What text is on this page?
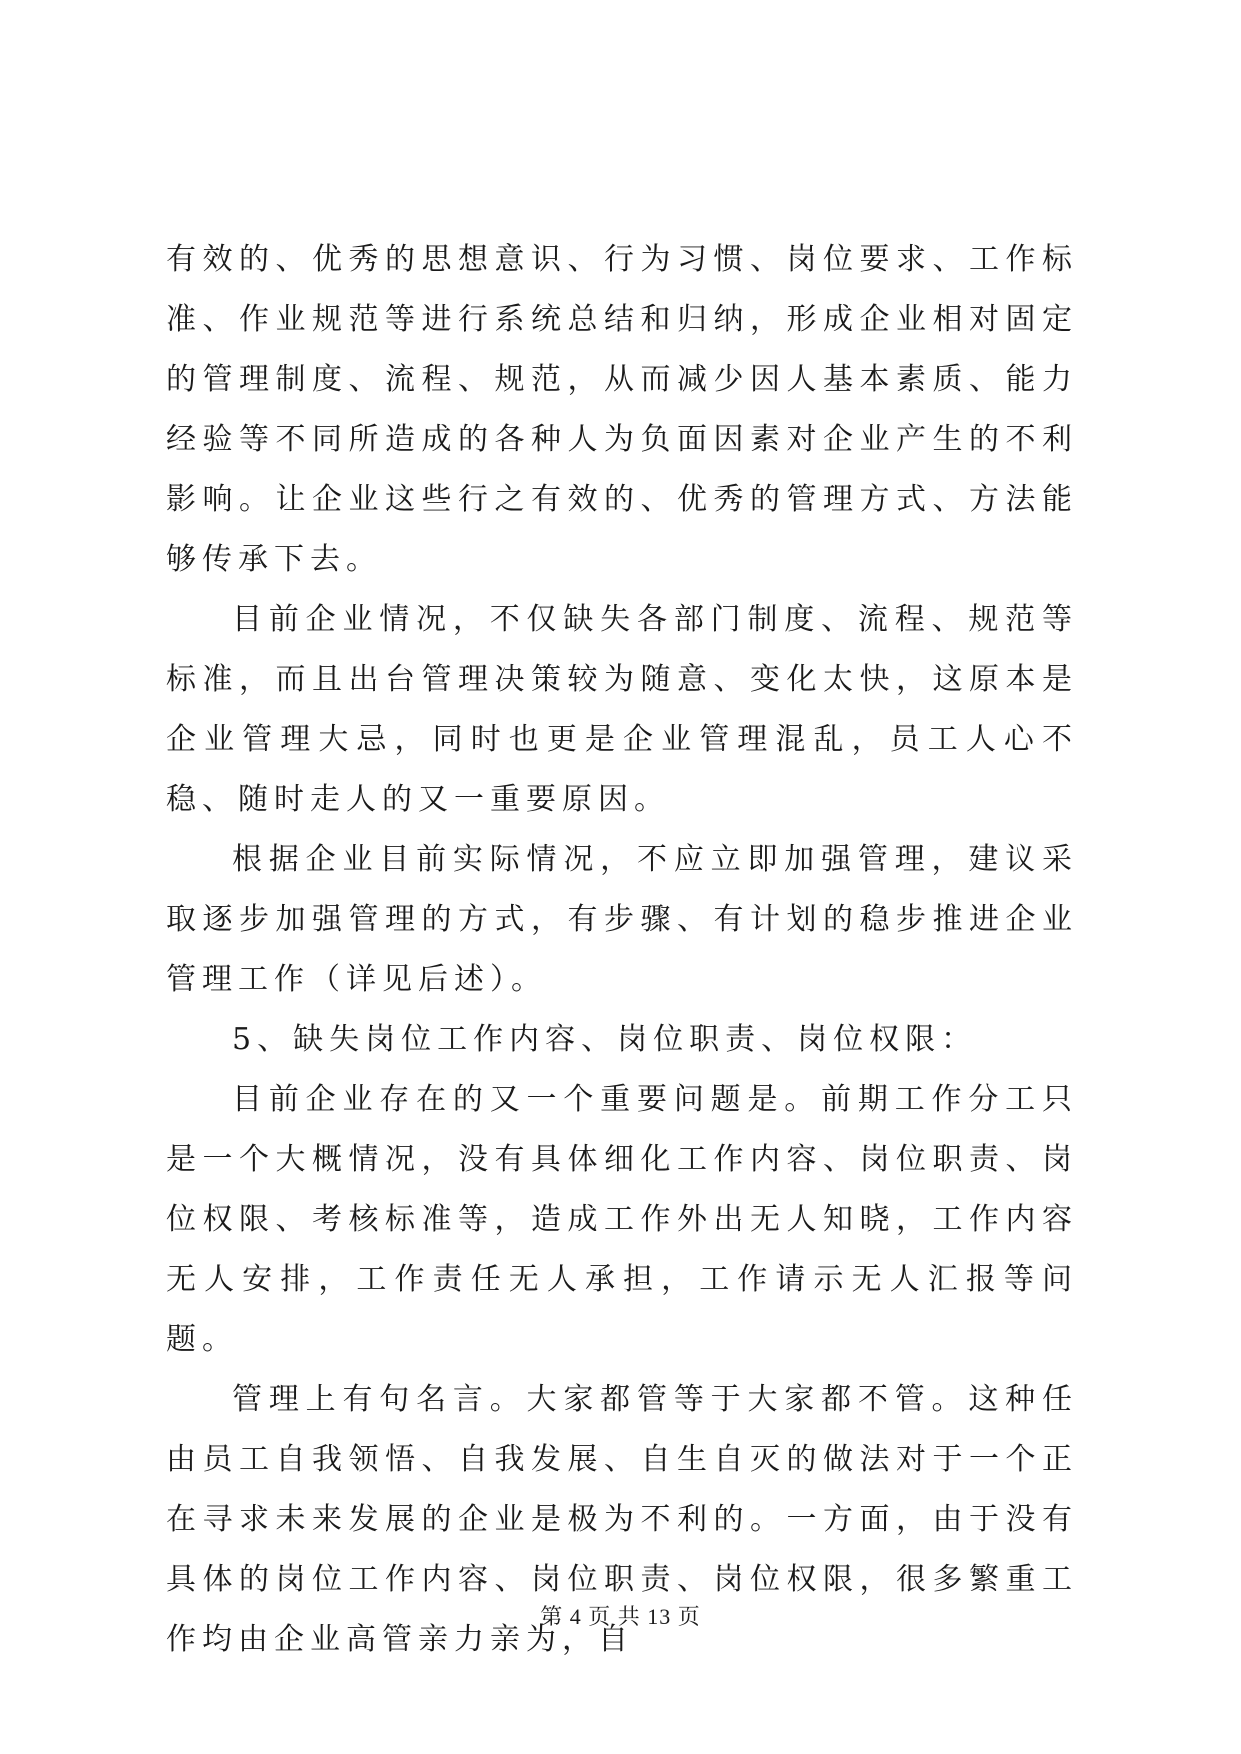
有效的、优秀的思想意识、行为习惯、岗位要求、工作标准、作业规范等进行系统总结和归纳，形成企业相对固定的管理制度、流程、规范，从而减少因人基本素质、能力经验等不同所造成的各种人为负面因素对企业产生的不利影响。让企业这些行之有效的、优秀的管理方式、方法能够传承下去。

目前企业情况，不仅缺失各部门制度、流程、规范等标准，而且出台管理决策较为随意、变化太快，这原本是企业管理大忌，同时也更是企业管理混乱，员工人心不稳、随时走人的又一重要原因。

根据企业目前实际情况，不应立即加强管理，建议采取逐步加强管理的方式，有步骤、有计划的稳步推进企业管理工作（详见后述）。

5、缺失岗位工作内容、岗位职责、岗位权限：

目前企业存在的又一个重要问题是。前期工作分工只是一个大概情况，没有具体细化工作内容、岗位职责、岗位权限、考核标准等，造成工作外出无人知晓，工作内容无人安排，工作责任无人承担，工作请示无人汇报等问题。

管理上有句名言。大家都管等于大家都不管。这种任由员工自我领悟、自我发展、自生自灭的做法对于一个正在寻求未来发展的企业是极为不利的。一方面，由于没有具体的岗位工作内容、岗位职责、岗位权限，很多繁重工作均由企业高管亲力亲为，自

第 4 页 共 13 页
